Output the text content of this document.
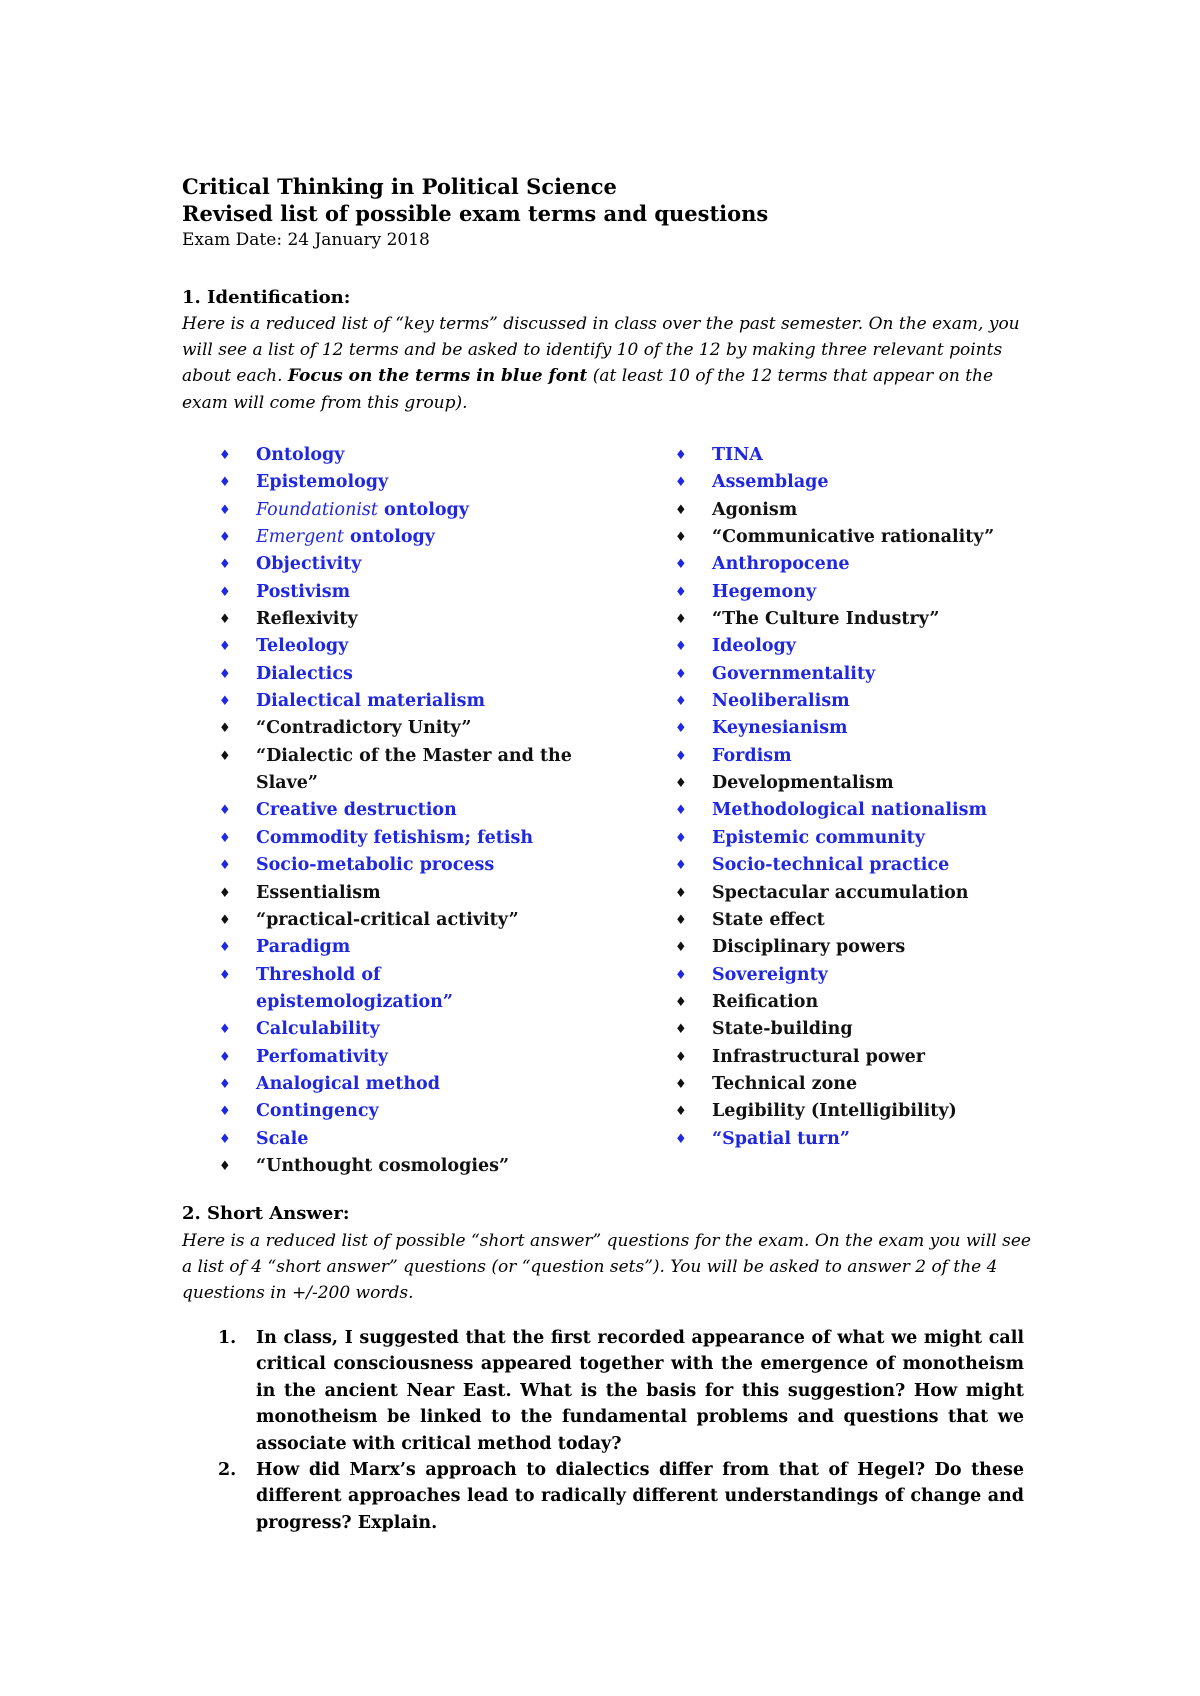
Critical Thinking in Political Science

Revised list of possible exam terms and questions

Exam Date: 24 January 2018

1. Identification:

Here is a reduced list of “key terms” discussed in class over the past semester. On the exam, you will see a list of 12 terms and be asked to identify 10 of the 12 by making three relevant points about each. Focus on the terms in blue font (at least 10 of the 12 terms that appear on the exam will come from this group).

♦ Ontology
♦ Epistemology
♦ Foundationist ontology
♦ Emergent ontology
♦ Objectivity
♦ Postivism
♦ Reflexivity
♦ Teleology
♦ Dialectics
♦ Dialectical materialism
♦ “Contradictory Unity”
♦ “Dialectic of the Master and the Slave”
♦ Creative destruction
♦ Commodity fetishism; fetish
♦ Socio-metabolic process
♦ Essentialism
♦ “practical-critical activity”
♦ Paradigm
♦ Threshold of epistemologization”
♦ Calculability
♦ Perfomativity
♦ Analogical method
♦ Contingency
♦ Scale
♦ “Unthought cosmologies”
♦ TINA
♦ Assemblage
♦ Agonism
♦ “Communicative rationality”
♦ Anthropocene
♦ Hegemony
♦ “The Culture Industry”
♦ Ideology
♦ Governmentality
♦ Neoliberalism
♦ Keynesianism
♦ Fordism
♦ Developmentalism
♦ Methodological nationalism
♦ Epistemic community
♦ Socio-technical practice
♦ Spectacular accumulation
♦ State effect
♦ Disciplinary powers
♦ Sovereignty
♦ Reification
♦ State-building
♦ Infrastructural power
♦ Technical zone
♦ Legibility (Intelligibility)
♦ “Spatial turn”

2. Short Answer:

Here is a reduced list of possible “short answer” questions for the exam. On the exam you will see a list of 4 “short answer” questions (or “question sets”). You will be asked to answer 2 of the 4 questions in +/-200 words.

1. In class, I suggested that the first recorded appearance of what we might call critical consciousness appeared together with the emergence of monotheism in the ancient Near East. What is the basis for this suggestion? How might monotheism be linked to the fundamental problems and questions that we associate with critical method today?
2. How did Marx’s approach to dialectics differ from that of Hegel? Do these different approaches lead to radically different understandings of change and progress? Explain.
